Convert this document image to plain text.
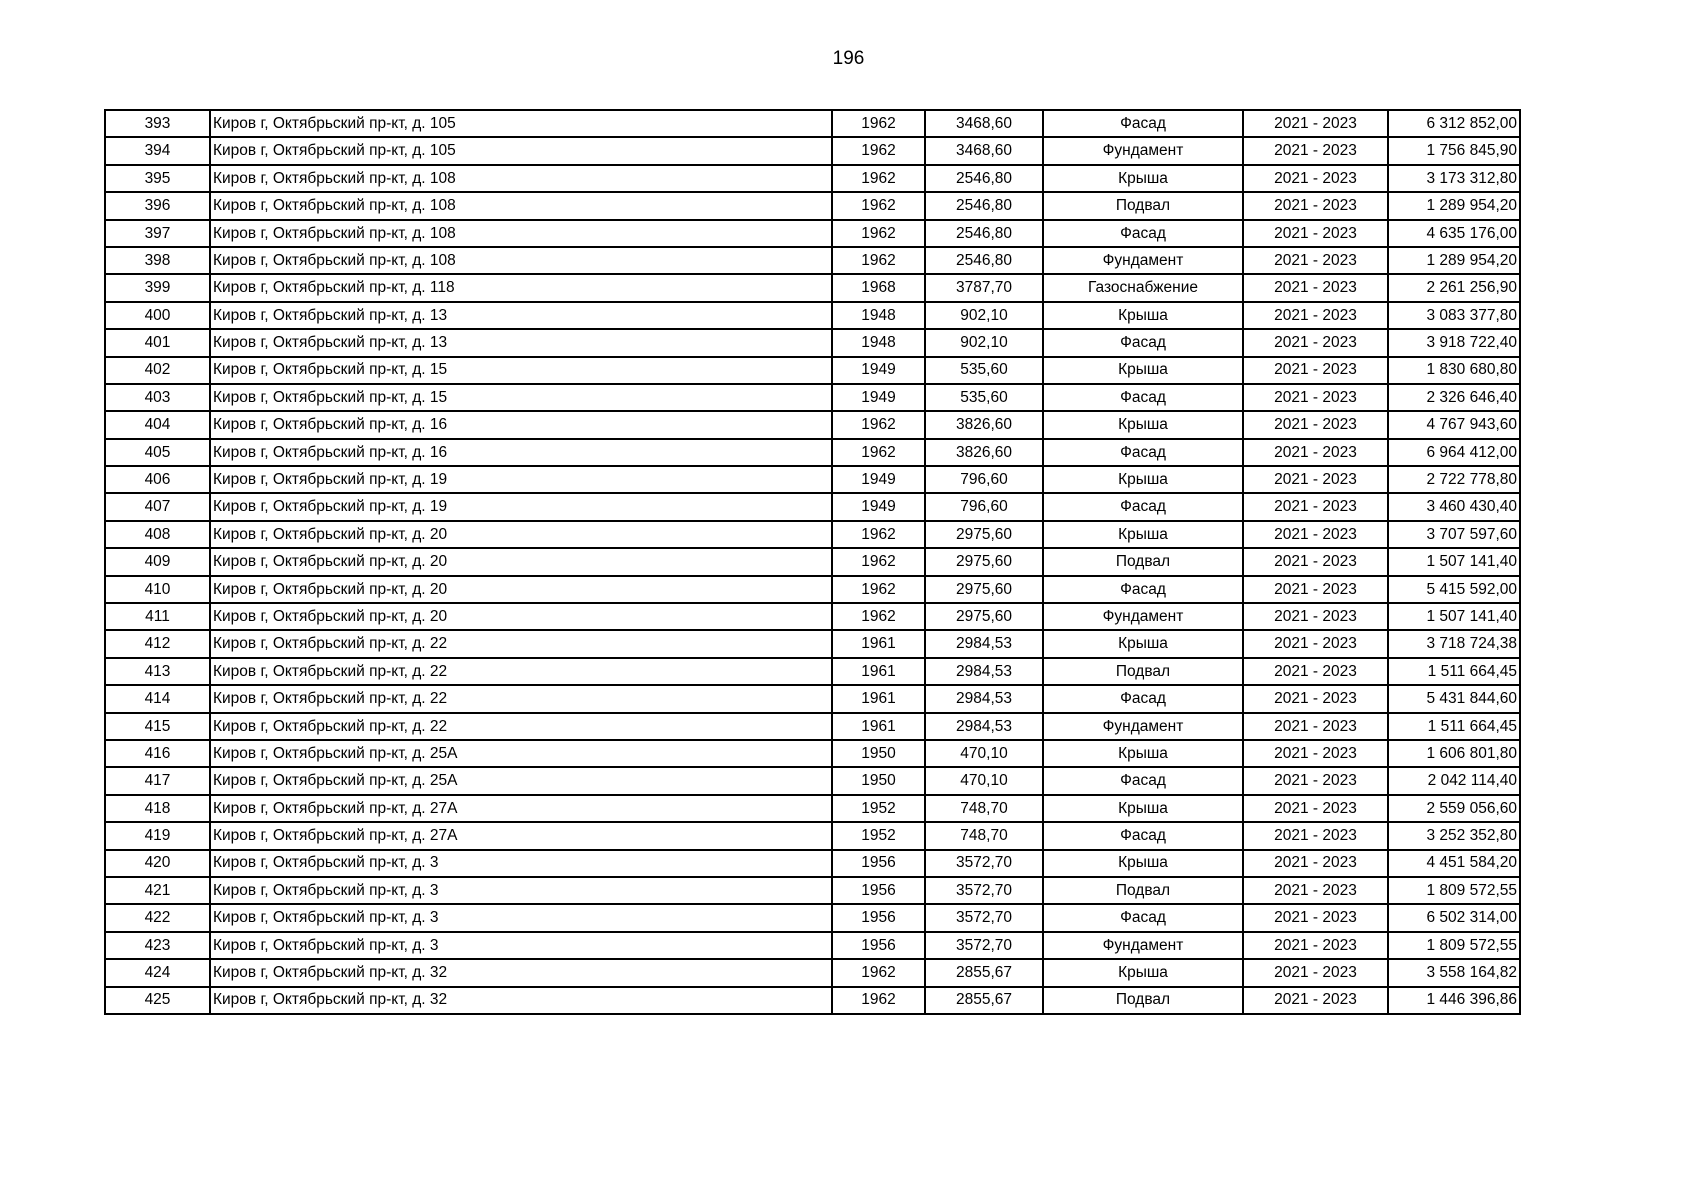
196
393	Киров г, Октябрьский пр-кт, д. 105	1962	3468,60	Фасад	2021 - 2023	6 312 852,00
394	Киров г, Октябрьский пр-кт, д. 105	1962	3468,60	Фундамент	2021 - 2023	1 756 845,90
395	Киров г, Октябрьский пр-кт, д. 108	1962	2546,80	Крыша	2021 - 2023	3 173 312,80
396	Киров г, Октябрьский пр-кт, д. 108	1962	2546,80	Подвал	2021 - 2023	1 289 954,20
397	Киров г, Октябрьский пр-кт, д. 108	1962	2546,80	Фасад	2021 - 2023	4 635 176,00
398	Киров г, Октябрьский пр-кт, д. 108	1962	2546,80	Фундамент	2021 - 2023	1 289 954,20
399	Киров г, Октябрьский пр-кт, д. 118	1968	3787,70	Газоснабжение	2021 - 2023	2 261 256,90
400	Киров г, Октябрьский пр-кт, д. 13	1948	902,10	Крыша	2021 - 2023	3 083 377,80
401	Киров г, Октябрьский пр-кт, д. 13	1948	902,10	Фасад	2021 - 2023	3 918 722,40
402	Киров г, Октябрьский пр-кт, д. 15	1949	535,60	Крыша	2021 - 2023	1 830 680,80
403	Киров г, Октябрьский пр-кт, д. 15	1949	535,60	Фасад	2021 - 2023	2 326 646,40
404	Киров г, Октябрьский пр-кт, д. 16	1962	3826,60	Крыша	2021 - 2023	4 767 943,60
405	Киров г, Октябрьский пр-кт, д. 16	1962	3826,60	Фасад	2021 - 2023	6 964 412,00
406	Киров г, Октябрьский пр-кт, д. 19	1949	796,60	Крыша	2021 - 2023	2 722 778,80
407	Киров г, Октябрьский пр-кт, д. 19	1949	796,60	Фасад	2021 - 2023	3 460 430,40
408	Киров г, Октябрьский пр-кт, д. 20	1962	2975,60	Крыша	2021 - 2023	3 707 597,60
409	Киров г, Октябрьский пр-кт, д. 20	1962	2975,60	Подвал	2021 - 2023	1 507 141,40
410	Киров г, Октябрьский пр-кт, д. 20	1962	2975,60	Фасад	2021 - 2023	5 415 592,00
411	Киров г, Октябрьский пр-кт, д. 20	1962	2975,60	Фундамент	2021 - 2023	1 507 141,40
412	Киров г, Октябрьский пр-кт, д. 22	1961	2984,53	Крыша	2021 - 2023	3 718 724,38
413	Киров г, Октябрьский пр-кт, д. 22	1961	2984,53	Подвал	2021 - 2023	1 511 664,45
414	Киров г, Октябрьский пр-кт, д. 22	1961	2984,53	Фасад	2021 - 2023	5 431 844,60
415	Киров г, Октябрьский пр-кт, д. 22	1961	2984,53	Фундамент	2021 - 2023	1 511 664,45
416	Киров г, Октябрьский пр-кт, д. 25А	1950	470,10	Крыша	2021 - 2023	1 606 801,80
417	Киров г, Октябрьский пр-кт, д. 25А	1950	470,10	Фасад	2021 - 2023	2 042 114,40
418	Киров г, Октябрьский пр-кт, д. 27А	1952	748,70	Крыша	2021 - 2023	2 559 056,60
419	Киров г, Октябрьский пр-кт, д. 27А	1952	748,70	Фасад	2021 - 2023	3 252 352,80
420	Киров г, Октябрьский пр-кт, д. 3	1956	3572,70	Крыша	2021 - 2023	4 451 584,20
421	Киров г, Октябрьский пр-кт, д. 3	1956	3572,70	Подвал	2021 - 2023	1 809 572,55
422	Киров г, Октябрьский пр-кт, д. 3	1956	3572,70	Фасад	2021 - 2023	6 502 314,00
423	Киров г, Октябрьский пр-кт, д. 3	1956	3572,70	Фундамент	2021 - 2023	1 809 572,55
424	Киров г, Октябрьский пр-кт, д. 32	1962	2855,67	Крыша	2021 - 2023	3 558 164,82
425	Киров г, Октябрьский пр-кт, д. 32	1962	2855,67	Подвал	2021 - 2023	1 446 396,86
